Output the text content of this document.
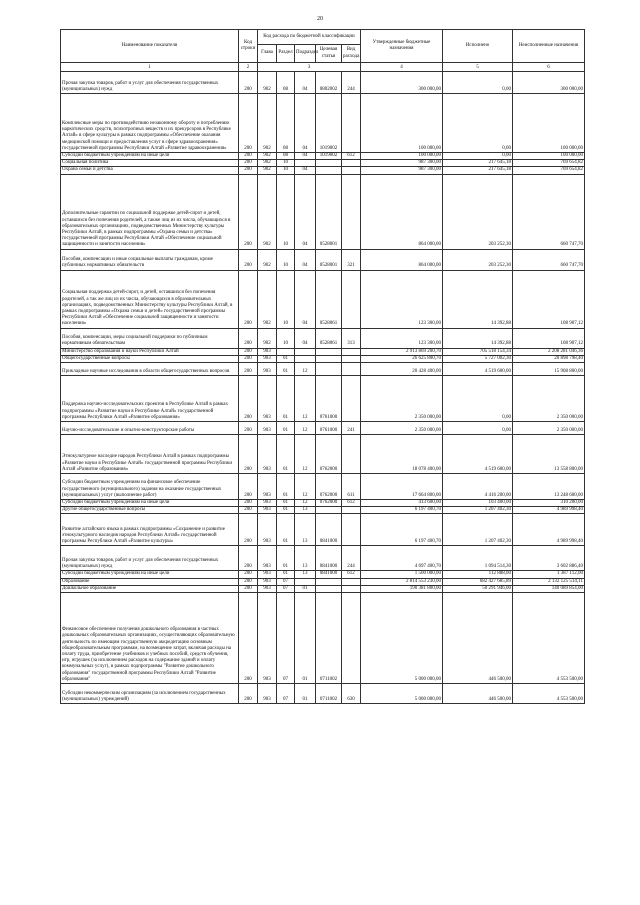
20
Наименование показателя	Код строки	Код расхода по бюджетной классификации					Утвержденные бюджетные назначения	Исполнено	Неисполненные назначения
		Глава	Раздел	Подраздел	Целевая статья	Вид расхода			
1	2	3					4	5	6
Прочая закупка товаров, работ и услуг для обеспечения государственных (муниципальных) нужд	200	902	08	04	0802002	244	300 000,00	0,00	300 000,00
Комплексные меры по противодействию незаконному обороту и потреблению наркотических средств, психотропных веществ и их прекурсоров в Республике Алтай» в сфере культуры в рамках подпрограммы «Обеспечение оказания медицинской помощи и предоставления услуг в сфере здравоохранения» государственной программы Республики Алтай «Развитие здравоохранения»	200	902	08	04	1019002		100 000,00	0,00	100 000,00
Субсидии бюджетным учреждениям на иные цели	200	902	08	04	1019002	612	100 000,00	0,00	100 000,00
Социальная политика	200	902	10				987 300,00	217 645,18	769 654,82
Охрана семьи и детства	200	902	10	04			987 300,00	217 645,18	769 654,82
Дополнительные гарантии по социальной поддержке детей-сирот и детей, оставшихся без попечения родителей, а также лиц из их числа, обучающихся в образовательных организациях, подведомственных Министерству культуры Республики Алтай, в рамках подпрограммы «Охрана семьи и детства» государственной программы Республики Алтай «Обеспечение социальной защищенности и занятости населения»	200	902	10	04	0528001		864 000,00	203 252,30	660 747,70
Пособия, компенсации и иные социальные выплаты гражданам, кроме публичных нормативных обязательств	200	902	10	04	0528001	321	864 000,00	203 252,30	660 747,70
Социальная поддержка детей-сирот, и детей, оставшихся без попечения родителей, а так же лиц из их числа, обучающихся в образовательных организациях, подведомственных Министерству культуры Республики Алтай, в рамках подпрограммы «Охрана семьи и детей» государственной программы Республики Алтай «Обеспечение социальной защищенности и занятости населения»	200	902	10	04	0528061		123 300,00	14 392,88	108 907,12
Пособия, компенсации, меры социальной поддержки по публичным нормативным обязательствам	200	902	10	04	0528061	313	123 300,00	14 392,88	108 907,12
Министерство образования и науки Республики Алтай	200	903					2 913 869 200,70	705 518 154,34	2 208 281 046,36
Общегосударственные вопросы	200	903	01				26 625 800,70	5 727 002,30	20 898 798,40
Прикладные научные исследования в области общегосударственных вопросов	200	903	01	12			20 428 400,00	4 519 600,00	15 908 800,00
Поддержка научно-исследовательских проектов в Республике Алтай в рамках подпрограммы «Развитие науки в Республике Алтай» государственной программы Республики Алтай «Развитие образования»	200	903	01	12	0761000		2 350 000,00	0,00	2 350 000,00
Научно-исследовательские и опытно-конструкторские работы	200	903	01	12	0761000	241	2 350 000,00	0,00	2 350 000,00
Этнокультурное наследие народов Республики Алтай в рамках подпрограммы «Развитие науки в Республике Алтай» государственной программы Республики Алтай «Развитие образования»	200	903	01	12	0762000		18 078 400,00	4 519 600,00	13 558 800,00
Субсидии бюджетным учреждениям на финансовое обеспечение государственного (муниципального) задания на оказание государственных (муниципальных) услуг (выполнение работ)	200	903	01	12	0762000	611	17 664 800,00	4 416 200,00	13 248 600,00
Субсидии бюджетным учреждениям на иные цели	200	903	01	12	0762000	612	413 600,00	103 400,00	310 200,00
Другие общегосударственные вопросы	200	903	01	13			6 197 400,70	1 207 402,30	4 989 998,40
Развитие алтайского языка в рамках подпрограммы «Сохранение и развитие этнокультурного наследия народов Республики Алтай» государственной программы Республики Алтай «Развитие культуры»	200	903	01	13	0841000		6 197 400,70	1 207 402,30	4 989 998,40
Прочая закупка товаров, работ и услуг для обеспечения государственных (муниципальных) нужд	200	903	01	13	0841000	244	4 697 400,70	1 094 514,30	3 602 886,40
Субсидии бюджетным учреждениям на иные цели	200	903	01	13	0841000	612	1 500 000,00	112 888,00	1 387 112,00
Образование	200	903	07				2 814 553 230,00	682 427 685,89	2 132 125 514,11
Дошкольное образование	200	903	07	01			190 381 800,00	50 291 946,00	140 089 854,00
Финансовое обеспечение получения дошкольного образования в частных дошкольных образовательных организациях, осуществляющих образовательную деятельность по имеющим государственную аккредитацию основным общеобразовательным программам, на возмещение затрат, включая расходы на оплату труда, приобретение учебников и учебных пособий, средств обучения, игр, игрушек (за исключением расходов на содержание зданий и оплату коммунальных услуг), в рамках подпрограммы "Развитие дошкольного образования" государственной программы Республики Алтай "Развитие образования"	200	903	07	01	0711002		5 000 000,00	446 500,00	4 553 500,00
Субсидии некоммерческим организациям (за исключением государственных (муниципальных) учреждений)	200	903	07	01	0711002	630	5 000 000,00	446 500,00	4 553 500,00
